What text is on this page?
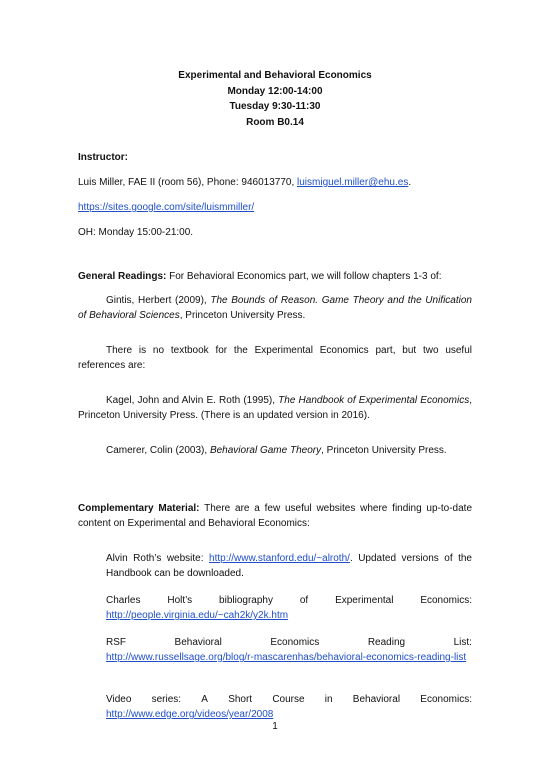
Experimental and Behavioral Economics
Monday 12:00-14:00
Tuesday 9:30-11:30
Room B0.14
Instructor:
Luis Miller, FAE II (room 56), Phone: 946013770, luismiguel.miller@ehu.es.
https://sites.google.com/site/luismmiller/
OH: Monday 15:00-21:00.
General Readings: For Behavioral Economics part, we will follow chapters 1-3 of:
Gintis, Herbert (2009), The Bounds of Reason. Game Theory and the Unification of Behavioral Sciences, Princeton University Press.
There is no textbook for the Experimental Economics part, but two useful references are:
Kagel, John and Alvin E. Roth (1995), The Handbook of Experimental Economics, Princeton University Press. (There is an updated version in 2016).
Camerer, Colin (2003), Behavioral Game Theory, Princeton University Press.
Complementary Material: There are a few useful websites where finding up-to-date content on Experimental and Behavioral Economics:
Alvin Roth’s website: http://www.stanford.edu/~alroth/. Updated versions of the Handbook can be downloaded.
Charles	Holt’s	bibliography	of	Experimental	Economics:
http://people.virginia.edu/~cah2k/y2k.htm
RSF	Behavioral	Economics	Reading	List:
http://www.russellsage.org/blog/r-mascarenhas/behavioral-economics-reading-list
Video series: A Short Course in Behavioral Economics:
http://www.edge.org/videos/year/2008
1
